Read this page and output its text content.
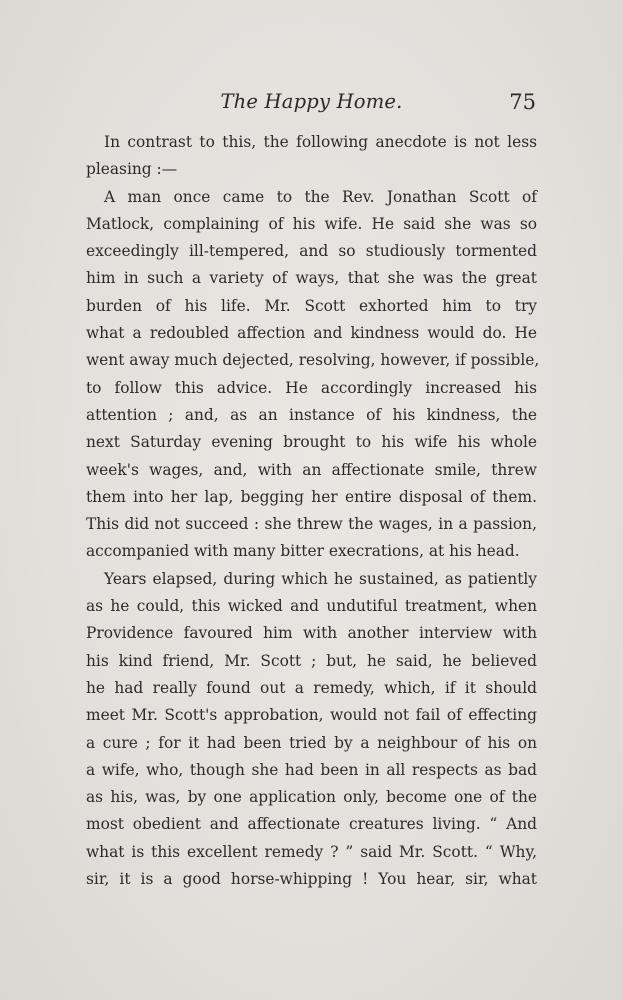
The Happy Home.	75
In contrast to this, the following anecdote is not less
pleasing :—
A man once came to the Rev. Jonathan Scott of
Matlock, complaining of his wife. He said she was so
exceedingly ill-tempered, and so studiously tormented
him in such a variety of ways, that she was the great
burden of his life. Mr. Scott exhorted him to try
what a redoubled affection and kindness would do. He
went away much dejected, resolving, however, if possible,
to follow this advice. He accordingly increased his
attention ; and, as an instance of his kindness, the
next Saturday evening brought to his wife his whole
week's wages, and, with an affectionate smile, threw
them into her lap, begging her entire disposal of them.
This did not succeed : she threw the wages, in a passion,
accompanied with many bitter execrations, at his head.
Years elapsed, during which he sustained, as patiently
as he could, this wicked and undutiful treatment, when
Providence favoured him with another interview with
his kind friend, Mr. Scott ; but, he said, he believed
he had really found out a remedy, which, if it should
meet Mr. Scott's approbation, would not fail of effecting
a cure ; for it had been tried by a neighbour of his on
a wife, who, though she had been in all respects as bad
as his, was, by one application only, become one of the
most obedient and affectionate creatures living. “ And
what is this excellent remedy ? ” said Mr. Scott. “ Why,
sir, it is a good horse-whipping ! You hear, sir, what
